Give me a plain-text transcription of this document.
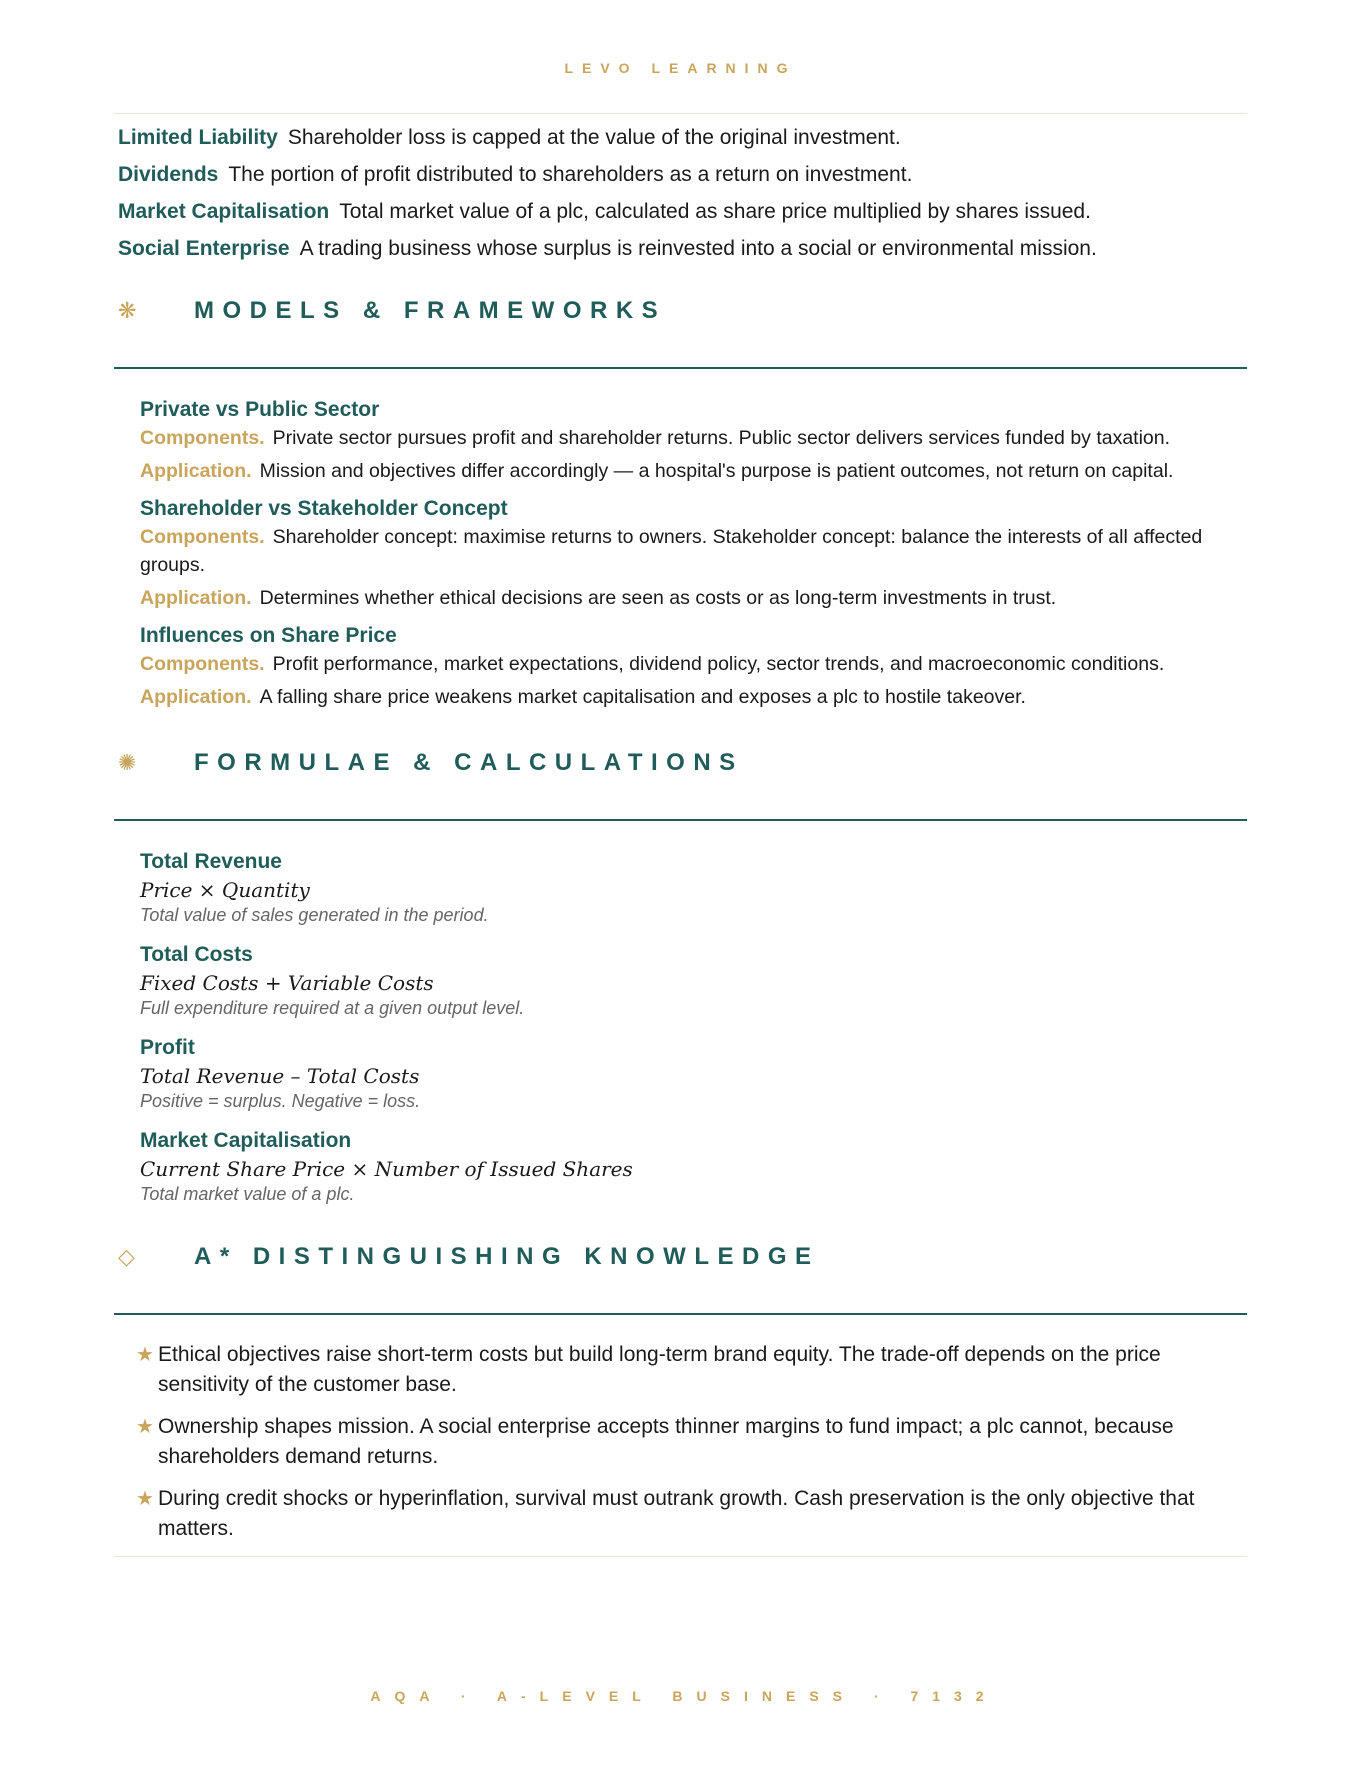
LEVO LEARNING
Limited Liability Shareholder loss is capped at the value of the original investment.
Dividends The portion of profit distributed to shareholders as a return on investment.
Market Capitalisation Total market value of a plc, calculated as share price multiplied by shares issued.
Social Enterprise A trading business whose surplus is reinvested into a social or environmental mission.
❋ MODELS & FRAMEWORKS
Private vs Public Sector
Components. Private sector pursues profit and shareholder returns. Public sector delivers services funded by taxation.
Application. Mission and objectives differ accordingly — a hospital's purpose is patient outcomes, not return on capital.
Shareholder vs Stakeholder Concept
Components. Shareholder concept: maximise returns to owners. Stakeholder concept: balance the interests of all affected groups.
Application. Determines whether ethical decisions are seen as costs or as long-term investments in trust.
Influences on Share Price
Components. Profit performance, market expectations, dividend policy, sector trends, and macroeconomic conditions.
Application. A falling share price weakens market capitalisation and exposes a plc to hostile takeover.
✺ FORMULAE & CALCULATIONS
Total Revenue
Price × Quantity
Total value of sales generated in the period.
Total Costs
Fixed Costs + Variable Costs
Full expenditure required at a given output level.
Profit
Total Revenue – Total Costs
Positive = surplus. Negative = loss.
Market Capitalisation
Current Share Price × Number of Issued Shares
Total market value of a plc.
◇ A* DISTINGUISHING KNOWLEDGE
★ Ethical objectives raise short-term costs but build long-term brand equity. The trade-off depends on the price sensitivity of the customer base.
★ Ownership shapes mission. A social enterprise accepts thinner margins to fund impact; a plc cannot, because shareholders demand returns.
★ During credit shocks or hyperinflation, survival must outrank growth. Cash preservation is the only objective that matters.
AQA · A-LEVEL BUSINESS · 7132
